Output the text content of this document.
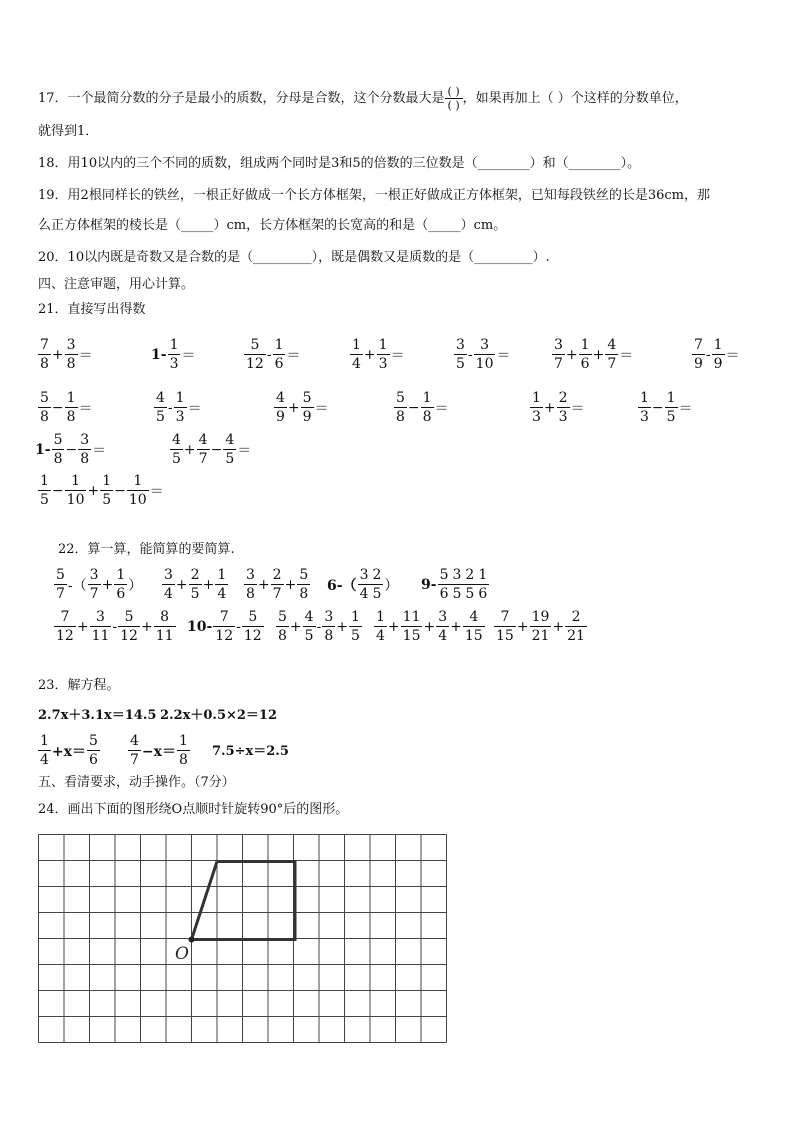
17．一个最简分数的分子是最小的质数，分母是合数，这个分数最大是 $\frac{( )}{( )}$ ，如果再加上（ ）个这样的分数单位，
就得到1．
18．用10以内的三个不同的质数，组成两个同时是3和5的倍数的三位数是（________）和（________）。
19．用2根同样长的铁丝，一根正好做成一个长方体框架，一根正好做成正方体框架，已知每段铁丝的长是36cm，那
么正方体框架的棱长是（_____）cm，长方体框架的长宽高的和是（_____）cm。
20．10以内既是奇数又是合数的是（_________），既是偶数又是质数的是（_________）.
四、注意审题，用心计算。
21．直接写出得数
7
8
+ $\frac{3}{8}$ ＝	1-
1
3
＝
5
12
-
1
6
＝
1
4
+ $\frac{1}{3}$ ＝
3
5
-
3
10
＝
3
7
+ $\frac{1}{6} + \frac{4}{7}$ ＝
7
9
-
1
9
＝
5
8
− $\frac{1}{8}$ ＝
4
5
-
1
3
＝
4
9
+ $\frac{5}{9}$ ＝
5
8
− $\frac{1}{8}$ ＝
1
3
+ $\frac{2}{3}$ ＝
1
3
− $\frac{1}{5}$ ＝
1-
5
8
− $\frac{3}{8}$ ＝
4
5
+ $\frac{4}{7} - \frac{4}{5}$ ＝
1
5
− $\frac{1}{10} + \frac{1}{5} - \frac{1}{10}$ ＝
22．算一算，能简算的要简算.
5
7
-（
3
7
+ $\frac{1}{6}$ ）
3
4
+ $\frac{2}{5} + \frac{1}{4} 3$
8
+ $\frac{2}{7} + \frac{5}{8} 6-$（
3
4
2
5
） 9-
5
6
3
5
2
5
1
6
7
12
+ $\frac{3}{11}$ -
5
12
+ $\frac{8}{11} 10-$
7
12
-
5
12
5
8
+ $\frac{4}{5}$ -
3
8
+ $\frac{1}{5} 1$
4
+ $\frac{11}{15} + \frac{3}{4} + \frac{4}{15}$	7
15
+ $\frac{19}{21} + \frac{2}{21}$
23．解方程。
2.7x＋3.1x＝14.5 2.2x＋0.5×2＝12
1
4
+x＝
5
6
4
7
−x＝
1
8
7.5÷x＝2.5
五、看清要求，动手操作。（7分）
24．画出下面的图形绕O点顺时针旋转90°后的图形。
O
